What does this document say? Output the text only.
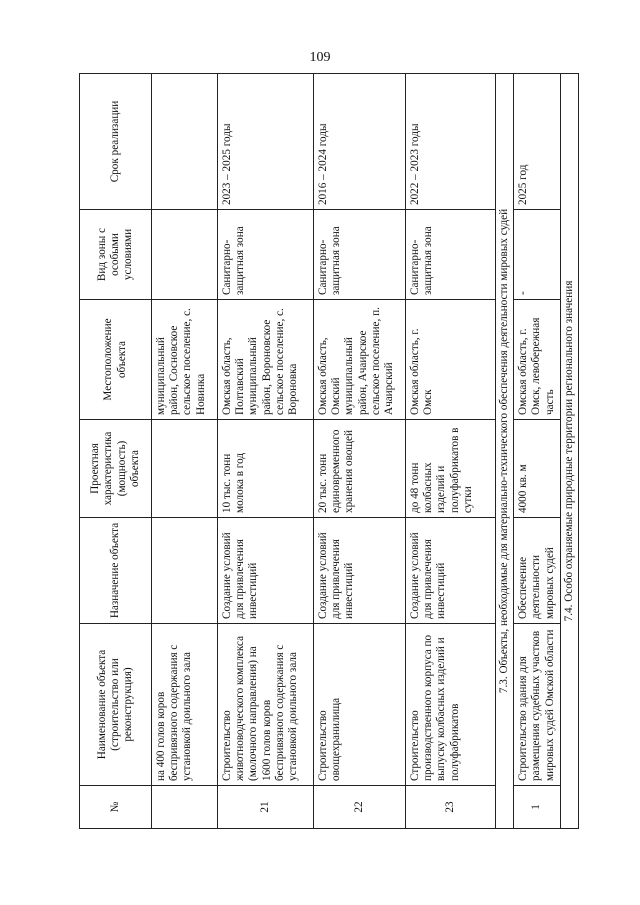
109
№	Наименование объекта (строительство или реконструкция)	Назначение объекта	Проектная характеристика (мощность) объекта	Местоположение объекта	Вид зоны с особыми условиями	Срок реализации
	на 400 голов коров беспривязного содержания с установкой доильного зала			муниципальный район, Сосновское сельское поселение, с. Новинка		
21	Строительство животноводческого комплекса (молочного направления) на 1600 голов коров беспривязного содержания с установкой доильного зала	Создание условий для привлечения инвестиций	10 тыс. тонн молока в год	Омская область, Полтавский муниципальный район, Вороновское сельское поселение, с. Вороновка	Санитарно-защитная зона	2023 – 2025 годы
22	Строительство овощехранилища	Создание условий для привлечения инвестиций	20 тыс. тонн единовременного хранения овощей	Омская область, Омский муниципальный район, Ачаирское сельское поселение, п. Ачаирский	Санитарно-защитная зона	2016 – 2024 годы
23	Строительство производственного корпуса по выпуску колбасных изделий и полуфабрикатов	Создание условий для привлечения инвестиций	до 48 тонн колбасных изделий и полуфабрикатов в сутки	Омская область, г. Омск	Санитарно-защитная зона	2022 – 2023 годы
7.3. Объекты, необходимые для материально-технического обеспечения деятельности мировых судей						
1	Строительство здания для размещения судебных участков мировых судей Омской области	Обеспечение деятельности мировых судей	4000 кв. м	Омская область, г. Омск, левобережная часть	-	2025 год
7.4. Особо охраняемые природные территории регионального значения						
